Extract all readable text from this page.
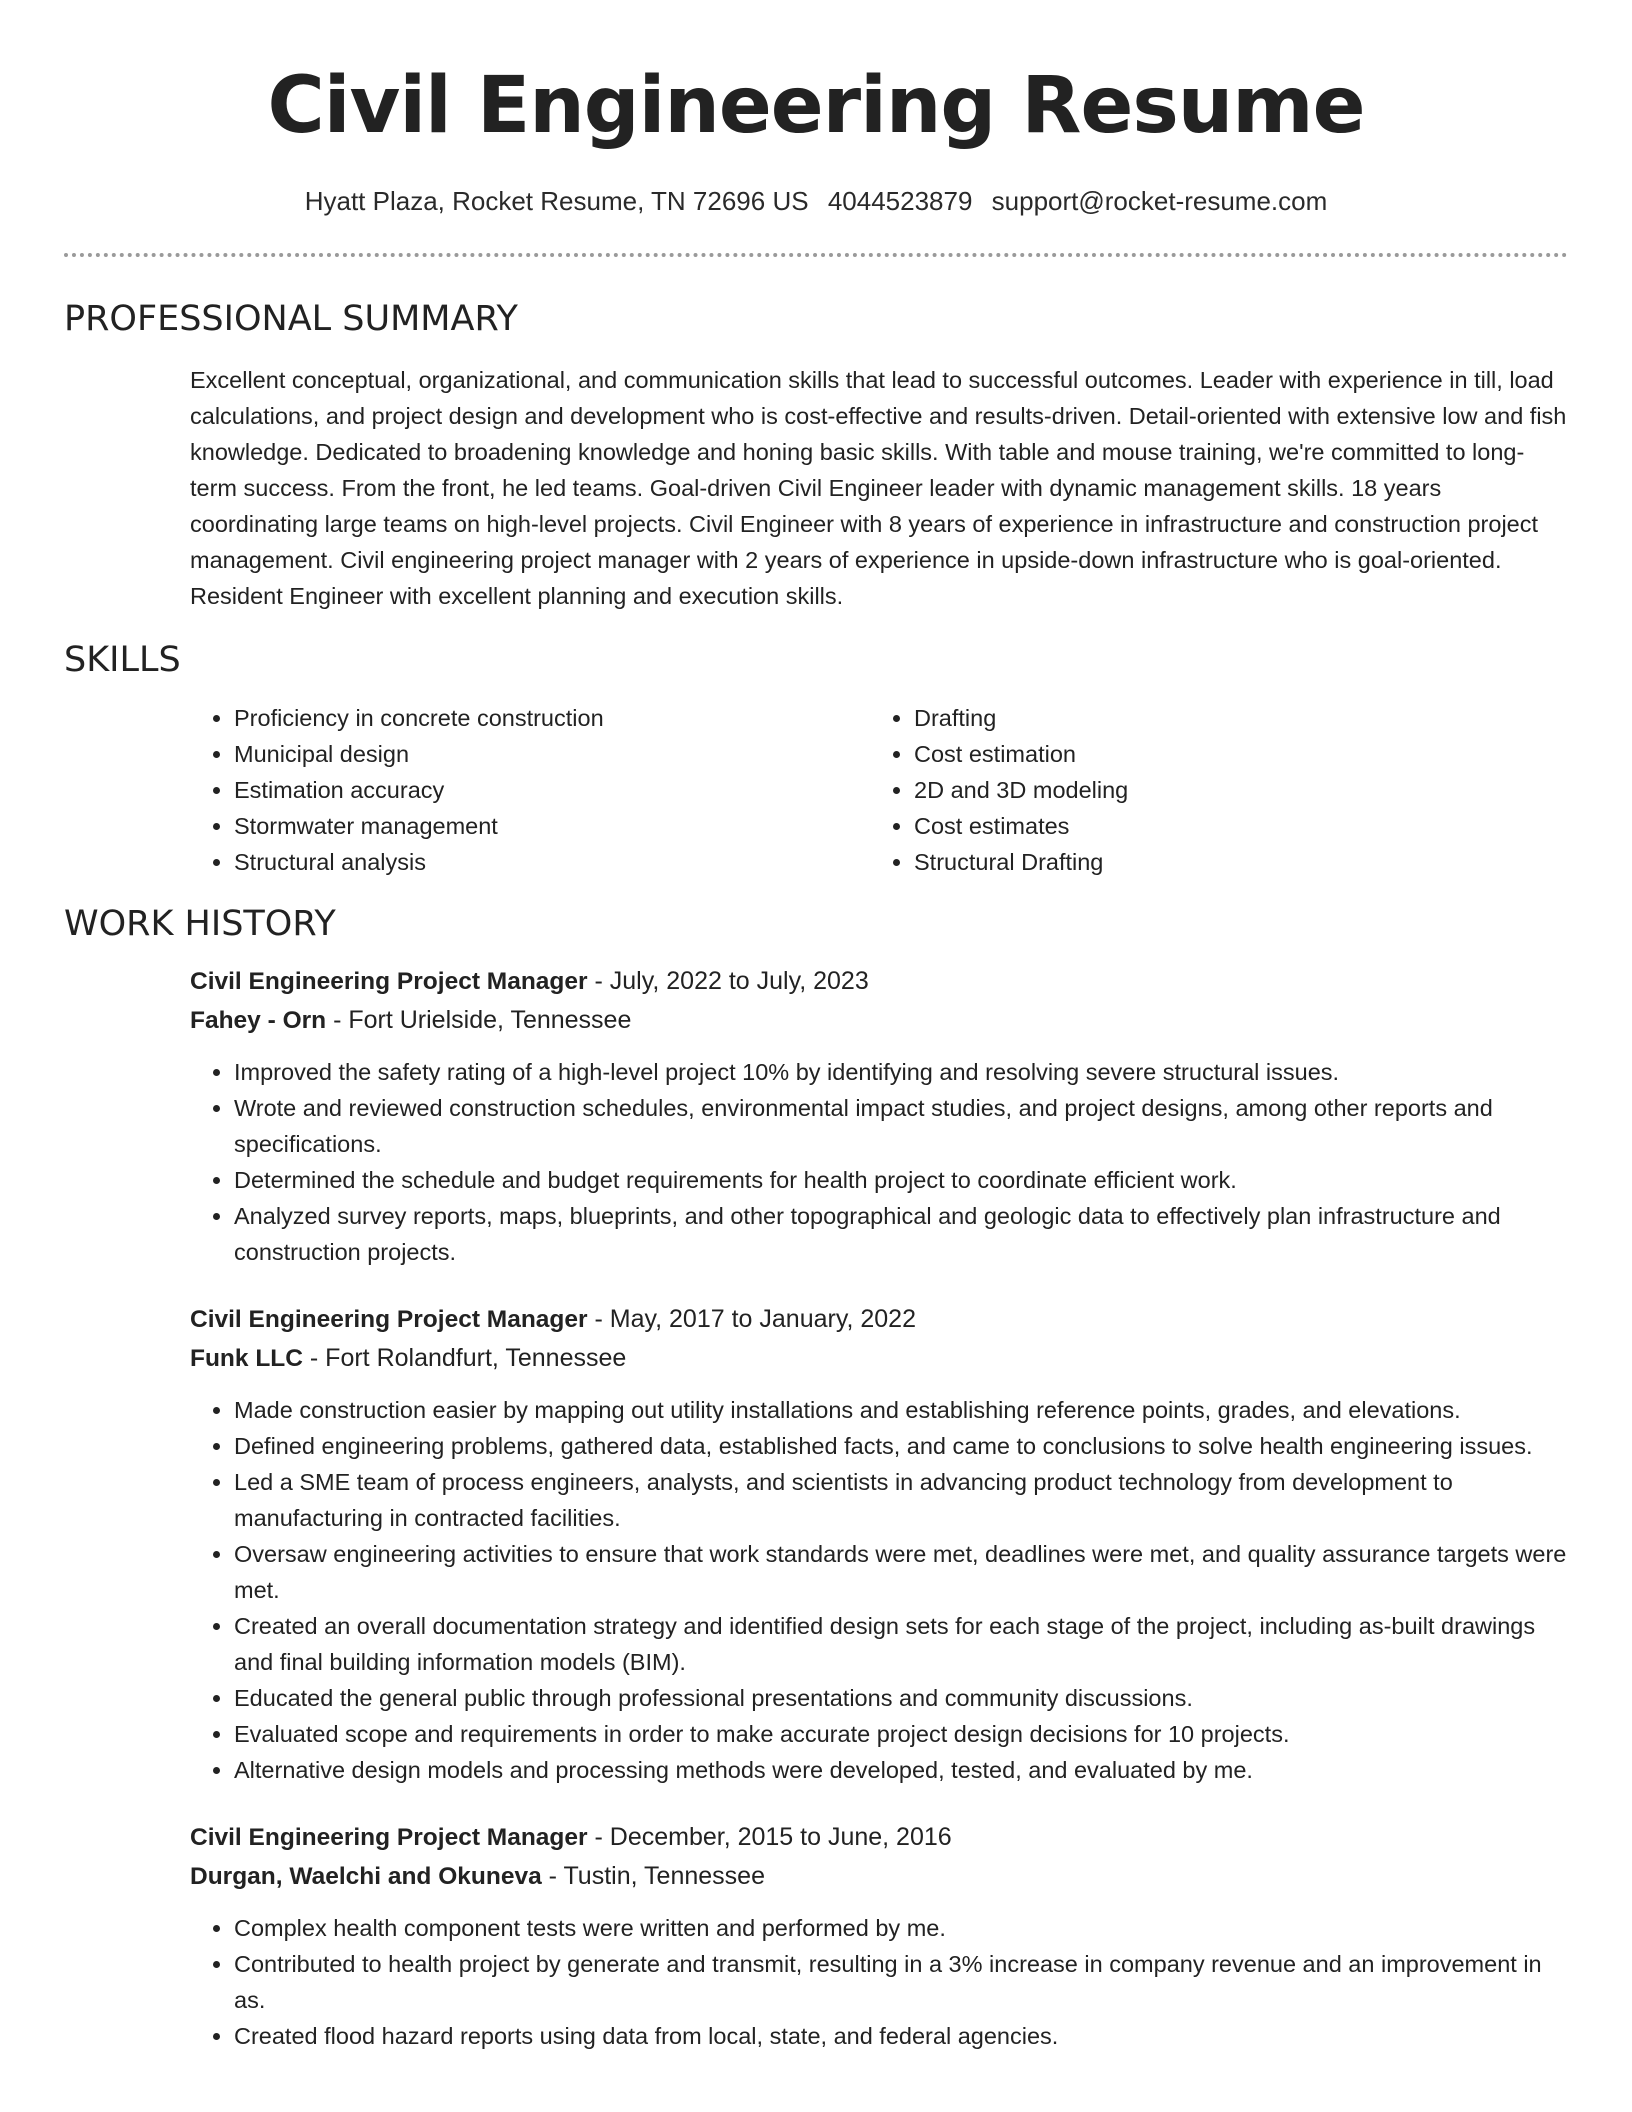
Civil Engineering Resume
Hyatt Plaza, Rocket Resume, TN 72696 US 4044523879 support@rocket-resume.com
PROFESSIONAL SUMMARY

Excellent conceptual, organizational, and communication skills that lead to successful outcomes. Leader with experience in till, load calculations, and project design and development who is cost-effective and results-driven. Detail-oriented with extensive low and fish knowledge. Dedicated to broadening knowledge and honing basic skills. With table and mouse training, we're committed to long-term success. From the front, he led teams. Goal-driven Civil Engineer leader with dynamic management skills. 18 years coordinating large teams on high-level projects. Civil Engineer with 8 years of experience in infrastructure and construction project management. Civil engineering project manager with 2 years of experience in upside-down infrastructure who is goal-oriented. Resident Engineer with excellent planning and execution skills.

SKILLS
• Proficiency in concrete construction
• Municipal design
• Estimation accuracy
• Stormwater management
• Structural analysis
• Drafting
• Cost estimation
• 2D and 3D modeling
• Cost estimates
• Structural Drafting
WORK HISTORY

Civil Engineering Project Manager - July, 2022 to July, 2023

Fahey - Orn - Fort Urielside, Tennessee

• Improved the safety rating of a high-level project 10% by identifying and resolving severe structural issues.
• Wrote and reviewed construction schedules, environmental impact studies, and project designs, among other reports and specifications.
• Determined the schedule and budget requirements for health project to coordinate efficient work.
• Analyzed survey reports, maps, blueprints, and other topographical and geologic data to effectively plan infrastructure and construction projects.

Civil Engineering Project Manager - May, 2017 to January, 2022

Funk LLC - Fort Rolandfurt, Tennessee

• Made construction easier by mapping out utility installations and establishing reference points, grades, and elevations.
• Defined engineering problems, gathered data, established facts, and came to conclusions to solve health engineering issues.
• Led a SME team of process engineers, analysts, and scientists in advancing product technology from development to manufacturing in contracted facilities.
• Oversaw engineering activities to ensure that work standards were met, deadlines were met, and quality assurance targets were met.
• Created an overall documentation strategy and identified design sets for each stage of the project, including as-built drawings and final building information models (BIM).
• Educated the general public through professional presentations and community discussions.
• Evaluated scope and requirements in order to make accurate project design decisions for 10 projects.
• Alternative design models and processing methods were developed, tested, and evaluated by me.

Civil Engineering Project Manager - December, 2015 to June, 2016

Durgan, Waelchi and Okuneva - Tustin, Tennessee

• Complex health component tests were written and performed by me.
• Contributed to health project by generate and transmit, resulting in a 3% increase in company revenue and an improvement in as.
• Created flood hazard reports using data from local, state, and federal agencies.
